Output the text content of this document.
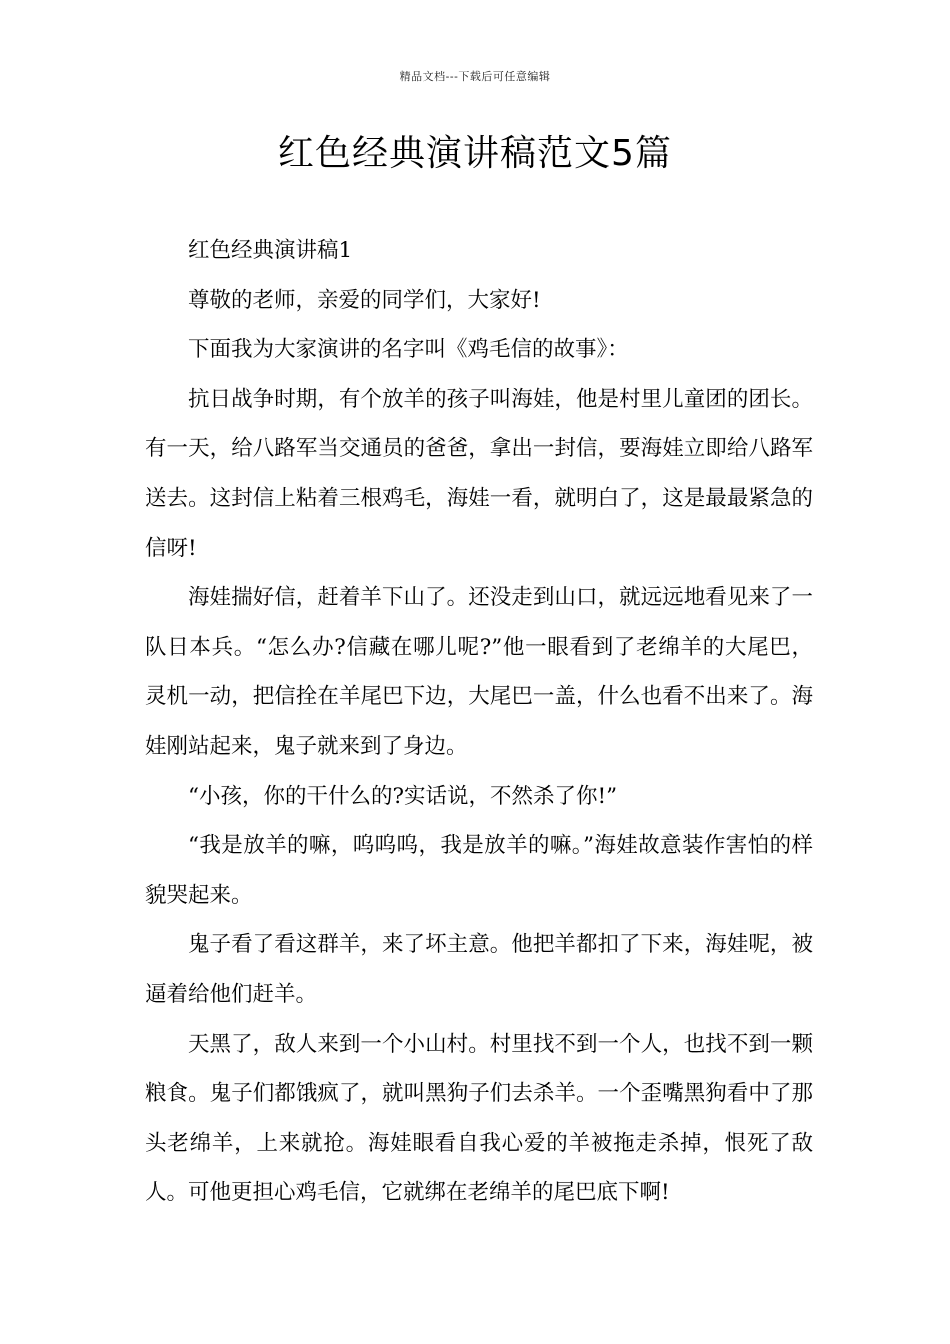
精品文档---下载后可任意编辑
红色经典演讲稿范文5篇

红色经典演讲稿1

尊敬的老师，亲爱的同学们，大家好!

下面我为大家演讲的名字叫《鸡毛信的故事》：

抗日战争时期，有个放羊的孩子叫海娃，他是村里儿童团的团长。有一天，给八路军当交通员的爸爸，拿出一封信，要海娃立即给八路军送去。这封信上粘着三根鸡毛，海娃一看，就明白了，这是最最紧急的信呀!

海娃揣好信，赶着羊下山了。还没走到山口，就远远地看见来了一队日本兵。“怎么办?信藏在哪儿呢?”他一眼看到了老绵羊的大尾巴，灵机一动，把信拴在羊尾巴下边，大尾巴一盖，什么也看不出来了。海娃刚站起来，鬼子就来到了身边。

“小孩，你的干什么的?实话说，不然杀了你!”

“我是放羊的嘛，呜呜呜，我是放羊的嘛。”海娃故意装作害怕的样貌哭起来。

鬼子看了看这群羊，来了坏主意。他把羊都扣了下来，海娃呢，被逼着给他们赶羊。

天黑了，敌人来到一个小山村。村里找不到一个人，也找不到一颗粮食。鬼子们都饿疯了，就叫黑狗子们去杀羊。一个歪嘴黑狗看中了那头老绵羊，上来就抢。海娃眼看自我心爱的羊被拖走杀掉，恨死了敌人。可他更担心鸡毛信，它就绑在老绵羊的尾巴底下啊!
